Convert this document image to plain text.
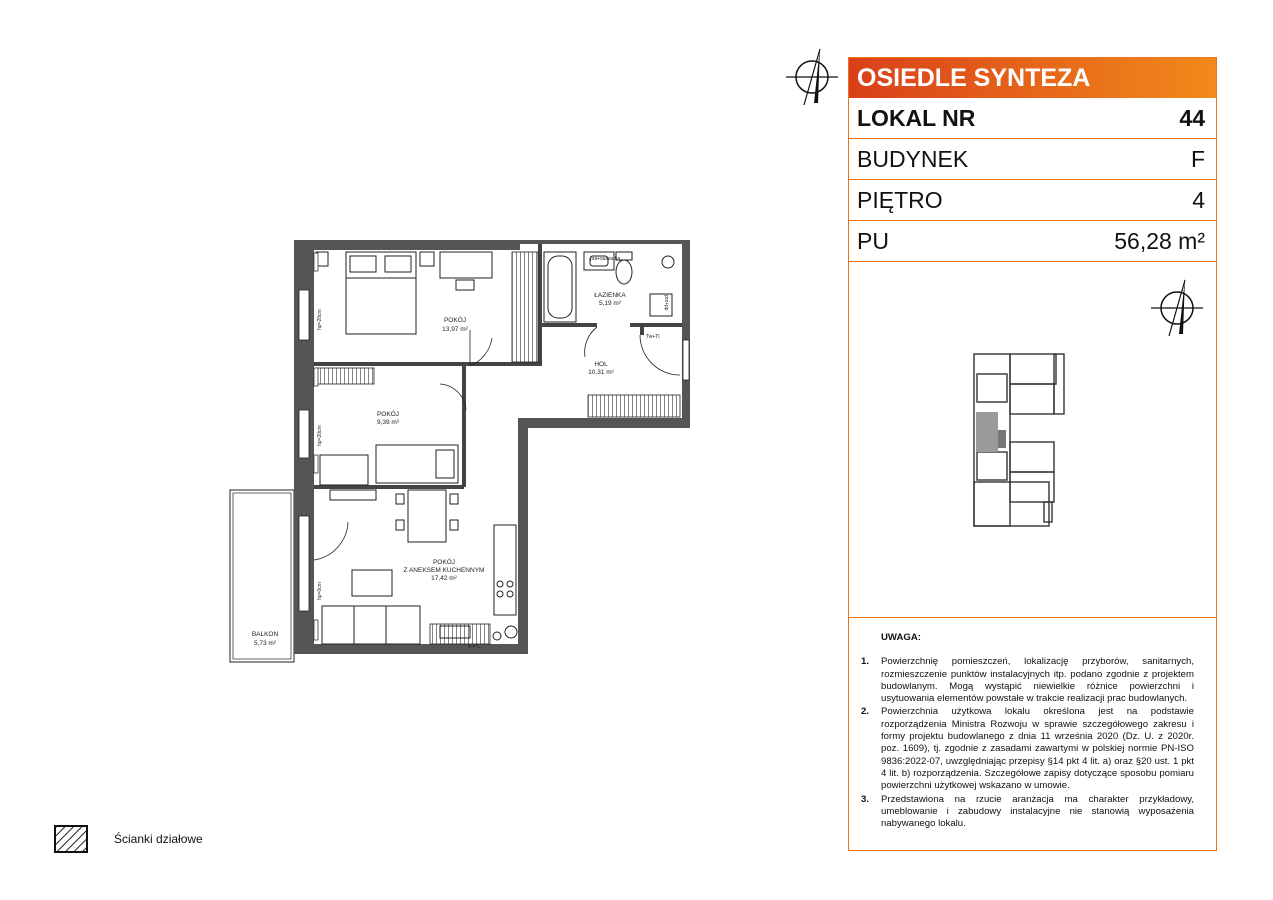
POKÓJ
13,97 m²
ŁAZIENKA
5,19 m²
HOL
10,31 m²
POKÓJ
9,39 m²
POKÓJ
Z ANEKSEM KUCHENNYM
17,42 m²
BALKON
5,73 m²
hp=20cm
hp=20cm
hp=0cm
pra+suszarka
prz+pp
Tw+Tl
4,4°C
OSIEDLE SYNTEZA
LOKAL NR	44
BUDYNEK	F
PIĘTRO	4
PU	56,28 m²
UWAGA:
1.	Powierzchnię pomieszczeń, lokalizację przyborów, sanitarnych, rozmieszczenie punktów instalacyjnych itp. podano zgodnie z projektem budowlanym. Mogą wystąpić niewielkie różnice powierzchni i usytuowania elementów powstałe w trakcie realizacji prac budowlanych.
2.	Powierzchnia użytkowa lokalu określona jest na podstawie rozporządzenia Ministra Rozwoju w sprawie szczegółowego zakresu i formy projektu budowlanego z dnia 11 września 2020 (Dz. U. z 2020r. poz. 1609), tj. zgodnie z zasadami zawartymi w polskiej normie PN-ISO 9836:2022-07, uwzględniając przepisy §14 pkt 4 lit. a) oraz §20 ust. 1 pkt 4 lit. b) rozporządzenia. Szczegółowe zapisy dotyczące sposobu pomiaru powierzchni użytkowej wskazano w umowie.
3.	Przedstawiona na rzucie aranżacja ma charakter przykładowy, umeblowanie i zabudowy instalacyjne nie stanowią wyposażenia nabywanego lokalu.
Ścianki działowe
